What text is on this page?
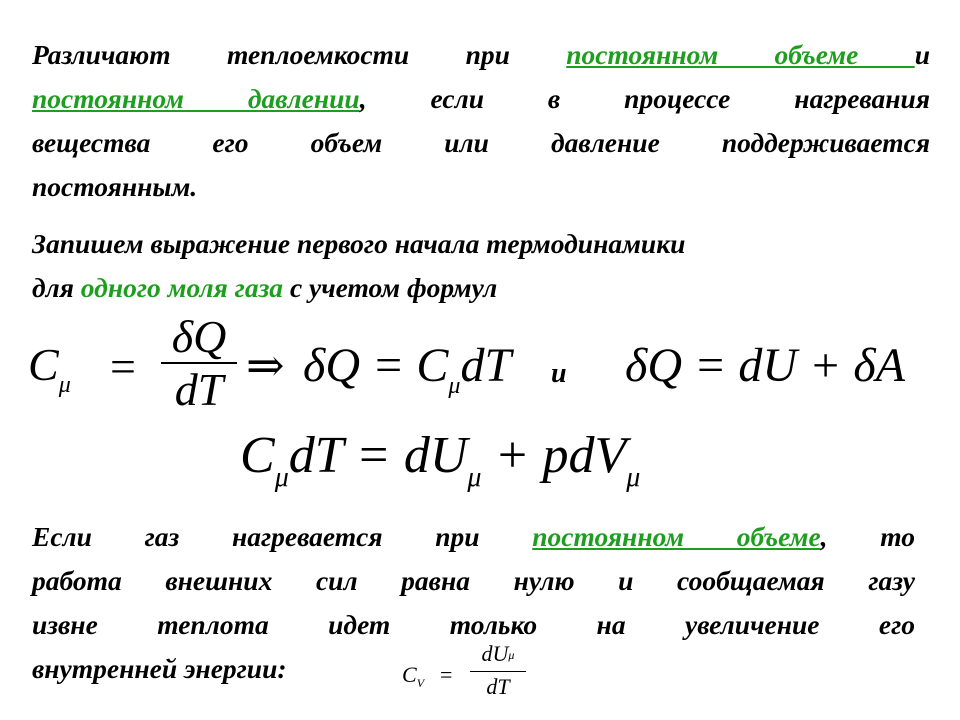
Различают теплоемкости при постоянном объеме и
постоянном давлении, если в процессе нагревания
вещества его объем или давление поддерживается
постоянным.
Запишем выражение первого начала термодинамики
для одного моля газа с учетом формул
$C_\mu$ =
δQ
dT ⇒ $\delta Q = C_\mu dT$ и δQ = dU + δA
$C_\mu dT = dU_\mu + pdV_\mu$
Если газ нагревается при постоянном объеме, то
работа внешних сил равна нулю и сообщаемая газу
извне теплота идет только на увеличение его
внутренней энергии:	$C_V$ =
dUμ
dT
